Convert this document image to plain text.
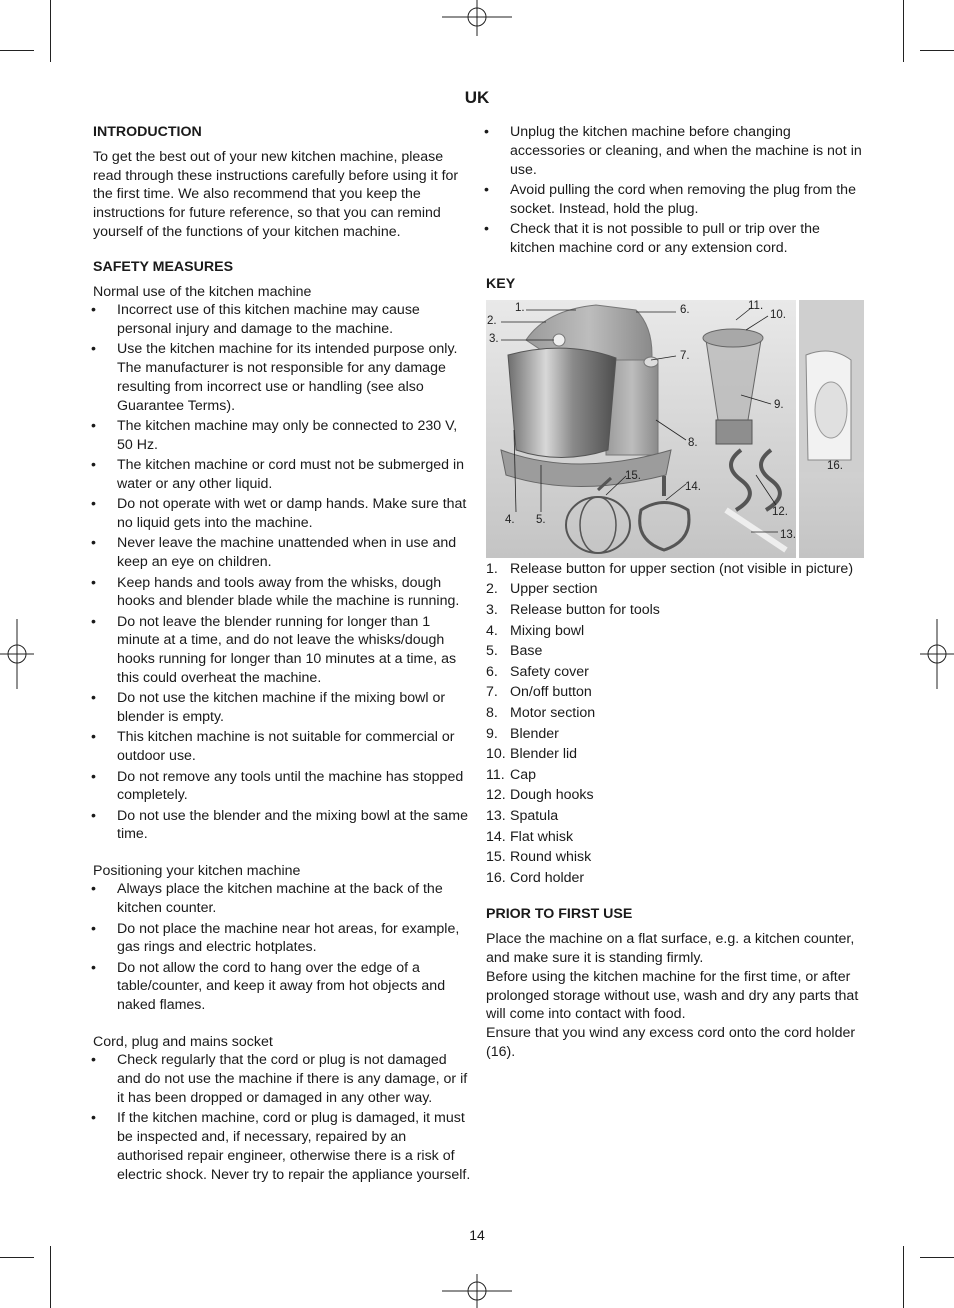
UK
INTRODUCTION

To get the best out of your new kitchen machine, please read through these instructions carefully before using it for the first time. We also recommend that you keep the instructions for future reference, so that you can remind yourself of the functions of your kitchen machine.

SAFETY MEASURES

Normal use of the kitchen machine

• Incorrect use of this kitchen machine may cause personal injury and damage to the machine.
• Use the kitchen machine for its intended purpose only. The manufacturer is not responsible for any damage resulting from incorrect use or handling (see also Guarantee Terms).
• The kitchen machine may only be connected to 230 V, 50 Hz.
• The kitchen machine or cord must not be submerged in water or any other liquid.
• Do not operate with wet or damp hands. Make sure that no liquid gets into the machine.
• Never leave the machine unattended when in use and keep an eye on children.
• Keep hands and tools away from the whisks, dough hooks and blender blade while the machine is running.
• Do not leave the blender running for longer than 1 minute at a time, and do not leave the whisks/dough hooks running for longer than 10 minutes at a time, as this could overheat the machine.
• Do not use the kitchen machine if the mixing bowl or blender is empty.
• This kitchen machine is not suitable for commercial or outdoor use.
• Do not remove any tools until the machine has stopped completely.
• Do not use the blender and the mixing bowl at the same time.
Positioning your kitchen machine
• Always place the kitchen machine at the back of the kitchen counter.
• Do not place the machine near hot areas, for example, gas rings and electric hotplates.
• Do not allow the cord to hang over the edge of a table/counter, and keep it away from hot objects and naked flames.
Cord, plug and mains socket
• Check regularly that the cord or plug is not damaged and do not use the machine if there is any damage, or if it has been dropped or damaged in any other way.
• If the kitchen machine, cord or plug is damaged, it must be inspected and, if necessary, repaired by an authorised repair engineer, otherwise there is a risk of electric shock. Never try to repair the appliance yourself.
• Unplug the kitchen machine before changing accessories or cleaning, and when the machine is not in use.
• Avoid pulling the cord when removing the plug from the socket. Instead, hold the plug.
• Check that it is not possible to pull or trip over the kitchen machine cord or any extension cord.
KEY
1.
2.
3.
4. 5.
6.
7.
8.
9.
10.
11.
12.
13.
14.
15.
16.
1. Release button for upper section (not visible in picture)
2. Upper section
3. Release button for tools
4. Mixing bowl
5. Base
6. Safety cover
7. On/off button
8. Motor section
9. Blender
10. Blender lid
11. Cap
12. Dough hooks
13. Spatula
14. Flat whisk
15. Round whisk
16. Cord holder
PRIOR TO FIRST USE

Place the machine on a flat surface, e.g. a kitchen counter, and make sure it is standing firmly.

Before using the kitchen machine for the first time, or after prolonged storage without use, wash and dry any parts that will come into contact with food.

Ensure that you wind any excess cord onto the cord holder (16).

14
